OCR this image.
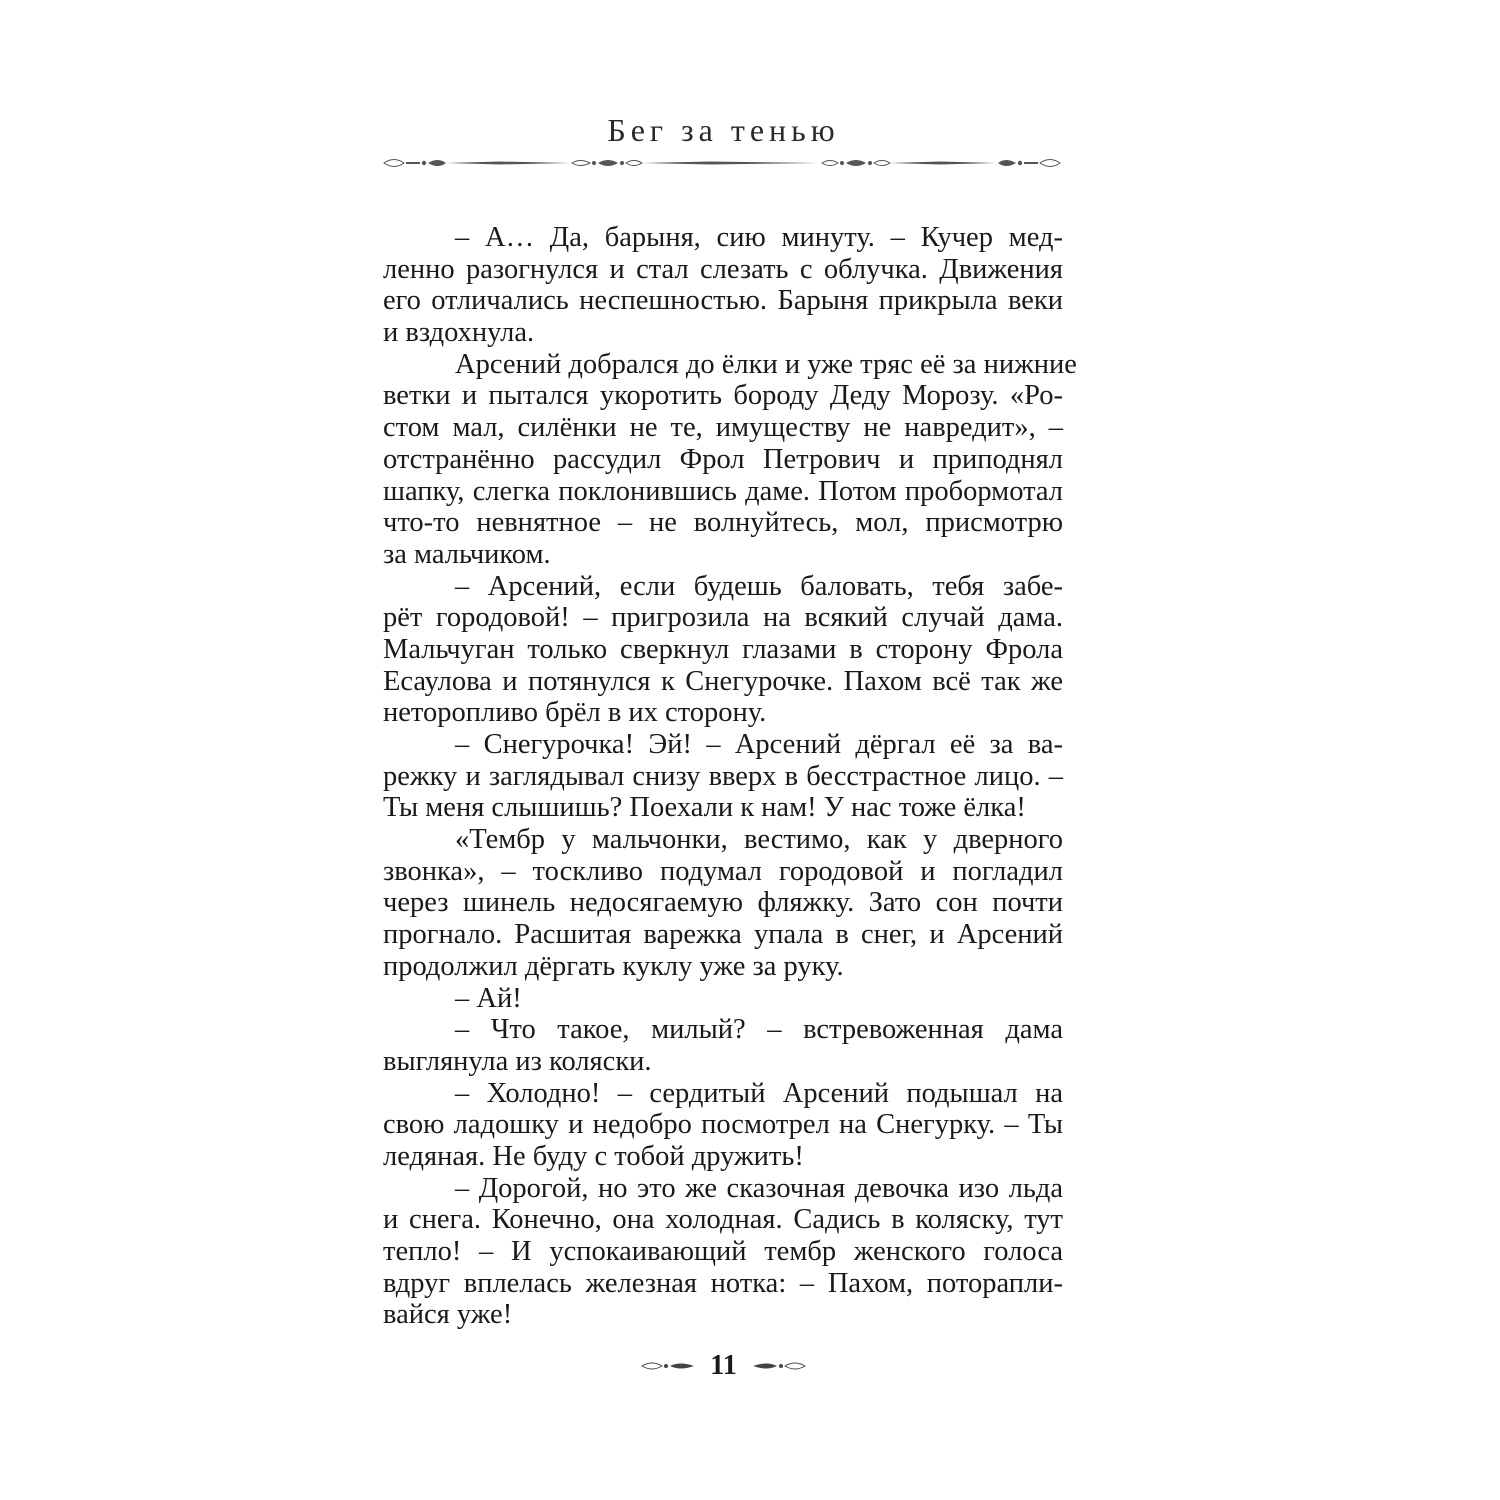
Бег за тенью
– А… Да, барыня, сию минуту. – Кучер мед-
ленно разогнулся и стал слезать с облучка. Движения
его отличались неспешностью. Барыня прикрыла веки
и вздохнула.
Арсений добрался до ёлки и уже тряс её за нижние
ветки и пытался укоротить бороду Деду Морозу. «Ро-
стом мал, силёнки не те, имуществу не навредит», –
отстранённо рассудил Фрол Петрович и приподнял
шапку, слегка поклонившись даме. Потом пробормотал
что-то невнятное – не волнуйтесь, мол, присмотрю
за мальчиком.
– Арсений, если будешь баловать, тебя забе-
рёт городовой! – пригрозила на всякий случай дама.
Мальчуган только сверкнул глазами в сторону Фрола
Есаулова и потянулся к Снегурочке. Пахом всё так же
неторопливо брёл в их сторону.
– Снегурочка! Эй! – Арсений дёргал её за ва-
режку и заглядывал снизу вверх в бесстрастное лицо. –
Ты меня слышишь? Поехали к нам! У нас тоже ёлка!
«Тембр у мальчонки, вестимо, как у дверного
звонка», – тоскливо подумал городовой и погладил
через шинель недосягаемую фляжку. Зато сон почти
прогнало. Расшитая варежка упала в снег, и Арсений
продолжил дёргать куклу уже за руку.
– Ай!
– Что такое, милый? – встревоженная дама
выглянула из коляски.
– Холодно! – сердитый Арсений подышал на
свою ладошку и недобро посмотрел на Снегурку. – Ты
ледяная. Не буду с тобой дружить!
– Дорогой, но это же сказочная девочка изо льда
и снега. Конечно, она холодная. Садись в коляску, тут
тепло! – И успокаивающий тембр женского голоса
вдруг вплелась железная нотка: – Пахом, поторапли-
вайся уже!
11
